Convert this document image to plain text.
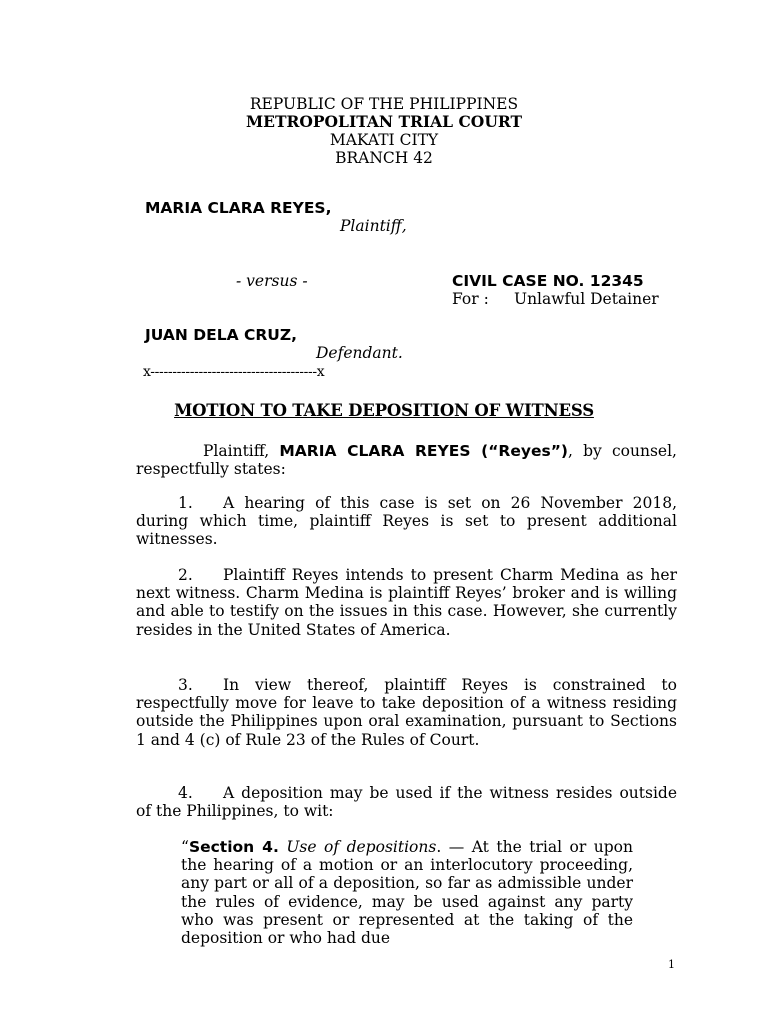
REPUBLIC OF THE PHILIPPINES
METROPOLITAN TRIAL COURT
MAKATI CITY
BRANCH 42
MARIA CLARA REYES,
Plaintiff,
- versus -	CIVIL CASE NO. 12345
For : Unlawful Detainer
JUAN DELA CRUZ,
Defendant.
x--------------------------------------x
MOTION TO TAKE DEPOSITION OF WITNESS
Plaintiff, MARIA CLARA REYES (“Reyes”), by counsel, respectfully states:
1. A hearing of this case is set on 26 November 2018, during which time, plaintiff Reyes is set to present additional witnesses.
2. Plaintiff Reyes intends to present Charm Medina as her next witness. Charm Medina is plaintiff Reyes’ broker and is willing and able to testify on the issues in this case. However, she currently resides in the United States of America.
3. In view thereof, plaintiff Reyes is constrained to respectfully move for leave to take deposition of a witness residing outside the Philippines upon oral examination, pursuant to Sections 1 and 4 (c) of Rule 23 of the Rules of Court.
4. A deposition may be used if the witness resides outside of the Philippines, to wit:
“Section 4. Use of depositions. — At the trial or upon the hearing of a motion or an interlocutory proceeding, any part or all of a deposition, so far as admissible under the rules of evidence, may be used against any party who was present or represented at the taking of the deposition or who had due
1
